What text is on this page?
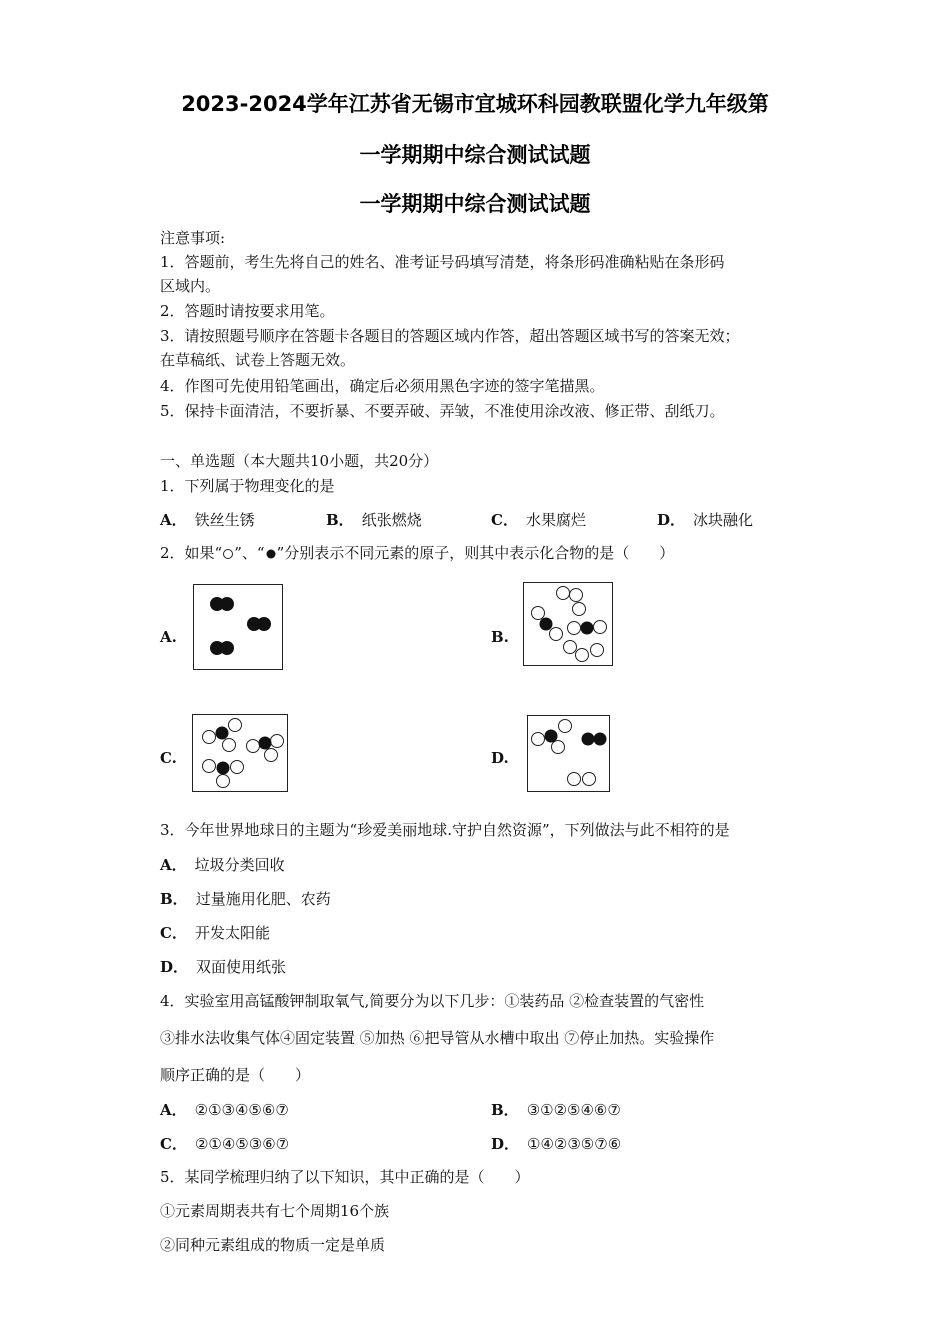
2023-2024学年江苏省无锡市宜城环科园教联盟化学九年级第
一学期期中综合测试试题
一学期期中综合测试试题
注意事项:
1．答题前，考生先将自己的姓名、准考证号码填写清楚，将条形码准确粘贴在条形码
区域内。
2．答题时请按要求用笔。
3．请按照题号顺序在答题卡各题目的答题区域内作答，超出答题区域书写的答案无效；
在草稿纸、试卷上答题无效。
4．作图可先使用铅笔画出，确定后必须用黑色字迹的签字笔描黑。
5．保持卡面清洁，不要折暴、不要弄破、弄皱，不准使用涂改液、修正带、刮纸刀。
一、单选题（本大题共10小题，共20分）
1．下列属于物理变化的是
A． 铁丝生锈	B． 纸张燃烧	C． 水果腐烂	D． 冰块融化
2．如果“ ”、“ ”分别表示不同元素的原子，则其中表示化合物的是（　　）
A.	B.
C.	D.
3．今年世界地球日的主题为“珍爱美丽地球.守护自然资源”，下列做法与此不相符的是
A． 垃圾分类回收
B． 过量施用化肥、农药
C． 开发太阳能
D． 双面使用纸张
4．实验室用高锰酸钾制取氧气,简要分为以下几步：①装药品 ②检查装置的气密性
③排水法收集气体④固定装置 ⑤加热 ⑥把导管从水槽中取出 ⑦停止加热。实验操作
顺序正确的是（　　）
A． ②①③④⑤⑥⑦	B． ③①②⑤④⑥⑦
C． ②①④⑤③⑥⑦	D． ①④②③⑤⑦⑥
5．某同学梳理归纳了以下知识，其中正确的是（　　）
①元素周期表共有七个周期16个族
②同种元素组成的物质一定是单质
